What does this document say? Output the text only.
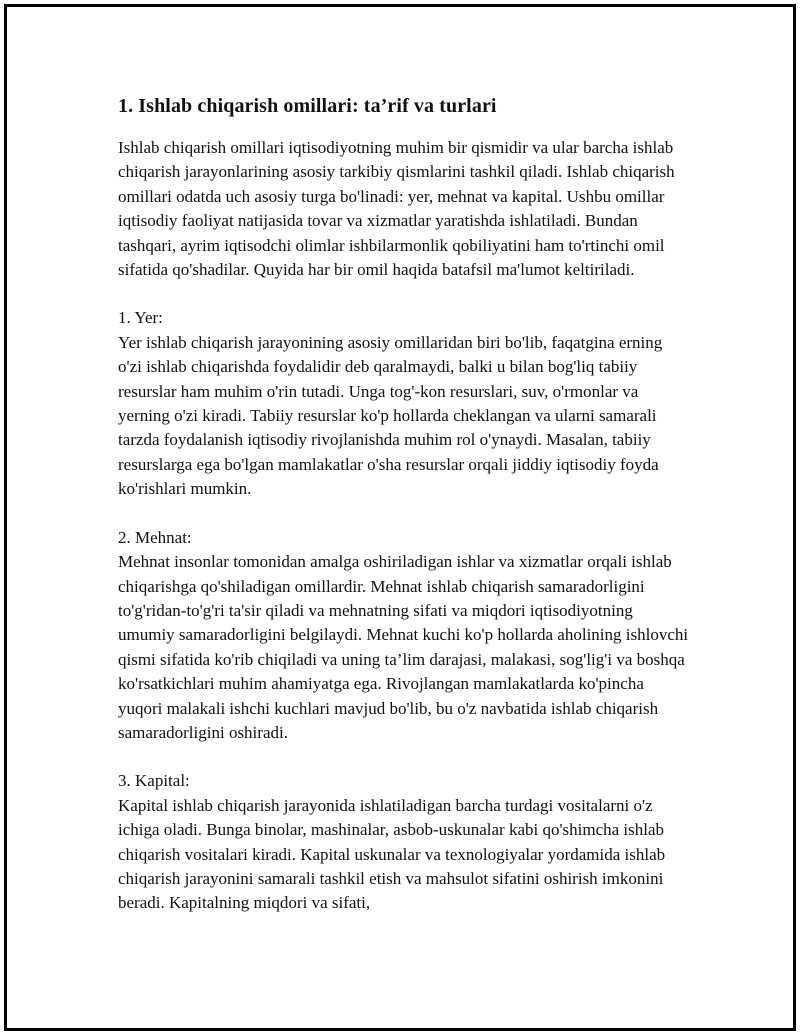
1. Ishlab chiqarish omillari: ta’rif va turlari

Ishlab chiqarish omillari iqtisodiyotning muhim bir qismidir va ular barcha ishlab chiqarish jarayonlarining asosiy tarkibiy qismlarini tashkil qiladi. Ishlab chiqarish omillari odatda uch asosiy turga bo'linadi: yer, mehnat va kapital. Ushbu omillar iqtisodiy faoliyat natijasida tovar va xizmatlar yaratishda ishlatiladi. Bundan tashqari, ayrim iqtisodchi olimlar ishbilarmonlik qobiliyatini ham to'rtinchi omil sifatida qo'shadilar. Quyida har bir omil haqida batafsil ma'lumot keltiriladi.

1. Yer:

Yer ishlab chiqarish jarayonining asosiy omillaridan biri bo'lib, faqatgina erning o'zi ishlab chiqarishda foydalidir deb qaralmaydi, balki u bilan bog'liq tabiiy resurslar ham muhim o'rin tutadi. Unga tog'-kon resurslari, suv, o'rmonlar va yerning o'zi kiradi. Tabiiy resurslar ko'p hollarda cheklangan va ularni samarali tarzda foydalanish iqtisodiy rivojlanishda muhim rol o'ynaydi. Masalan, tabiiy resurslarga ega bo'lgan mamlakatlar o'sha resurslar orqali jiddiy iqtisodiy foyda ko'rishlari mumkin.

2. Mehnat:

Mehnat insonlar tomonidan amalga oshiriladigan ishlar va xizmatlar orqali ishlab chiqarishga qo'shiladigan omillardir. Mehnat ishlab chiqarish samaradorligini to'g'ridan-to'g'ri ta'sir qiladi va mehnatning sifati va miqdori iqtisodiyotning umumiy samaradorligini belgilaydi. Mehnat kuchi ko'p hollarda aholining ishlovchi qismi sifatida ko'rib chiqiladi va uning ta’lim darajasi, malakasi, sog'lig'i va boshqa ko'rsatkichlari muhim ahamiyatga ega. Rivojlangan mamlakatlarda ko'pincha yuqori malakali ishchi kuchlari mavjud bo'lib, bu o'z navbatida ishlab chiqarish samaradorligini oshiradi.

3. Kapital:

Kapital ishlab chiqarish jarayonida ishlatiladigan barcha turdagi vositalarni o'z ichiga oladi. Bunga binolar, mashinalar, asbob-uskunalar kabi qo'shimcha ishlab chiqarish vositalari kiradi. Kapital uskunalar va texnologiyalar yordamida ishlab chiqarish jarayonini samarali tashkil etish va mahsulot sifatini oshirish imkonini beradi. Kapitalning miqdori va sifati,
